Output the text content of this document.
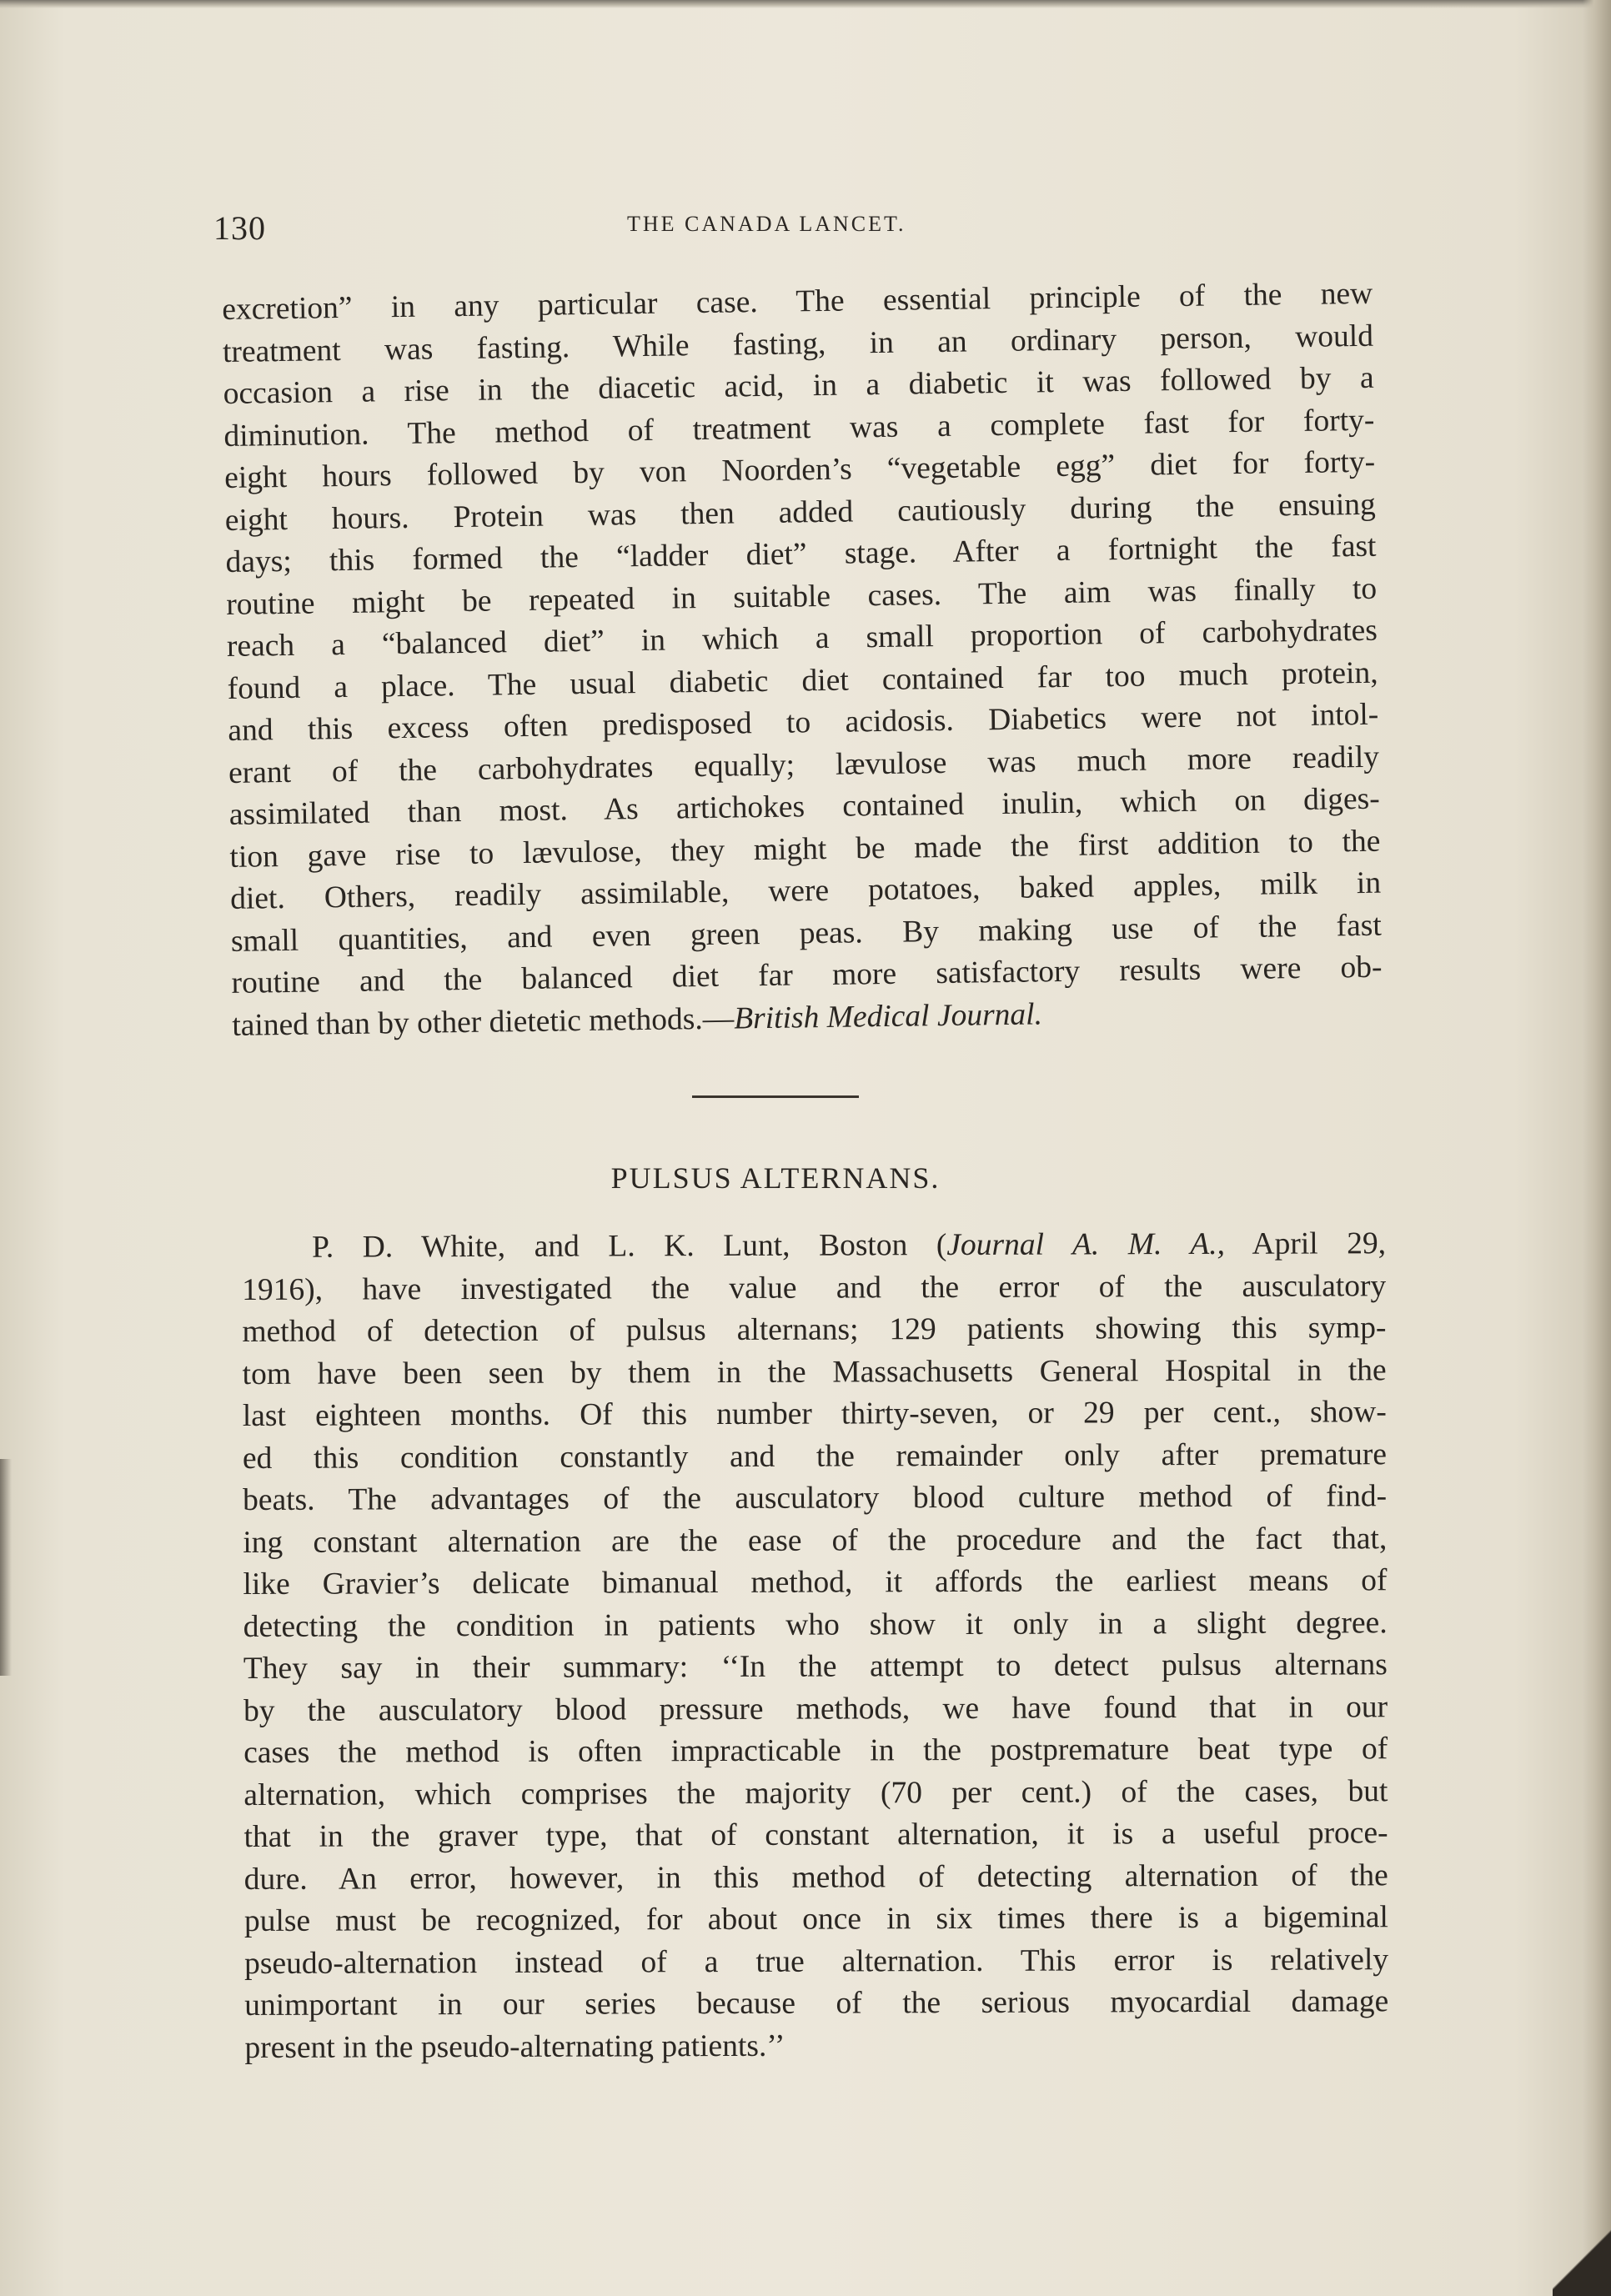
130	THE CANADA LANCET.
excretion” in any particular case. The essential principle of the new
treatment was fasting. While fasting, in an ordinary person, would
occasion a rise in the diacetic acid, in a diabetic it was followed by a
diminution. The method of treatment was a complete fast for forty-
eight hours followed by von Noorden’s “vegetable egg” diet for forty-
eight hours. Protein was then added cautiously during the ensuing
days; this formed the “ladder diet” stage. After a fortnight the fast
routine might be repeated in suitable cases. The aim was finally to
reach a “balanced diet” in which a small proportion of carbohydrates
found a place. The usual diabetic diet contained far too much protein,
and this excess often predisposed to acidosis. Diabetics were not intol-
erant of the carbohydrates equally; lævulose was much more readily
assimilated than most. As artichokes contained inulin, which on diges-
tion gave rise to lævulose, they might be made the first addition to the
diet. Others, readily assimilable, were potatoes, baked apples, milk in
small quantities, and even green peas. By making use of the fast
routine and the balanced diet far more satisfactory results were ob-
tained than by other dietetic methods.—British Medical Journal.
PULSUS ALTERNANS.
P. D. White, and L. K. Lunt, Boston (Journal A. M. A., April 29,
1916), have investigated the value and the error of the ausculatory
method of detection of pulsus alternans; 129 patients showing this symp-
tom have been seen by them in the Massachusetts General Hospital in the
last eighteen months. Of this number thirty-seven, or 29 per cent., show-
ed this condition constantly and the remainder only after premature
beats. The advantages of the ausculatory blood culture method of find-
ing constant alternation are the ease of the procedure and the fact that,
like Gravier’s delicate bimanual method, it affords the earliest means of
detecting the condition in patients who show it only in a slight degree.
They say in their summary: ‘‘In the attempt to detect pulsus alternans
by the ausculatory blood pressure methods, we have found that in our
cases the method is often impracticable in the postpremature beat type of
alternation, which comprises the majority (70 per cent.) of the cases, but
that in the graver type, that of constant alternation, it is a useful proce-
dure. An error, however, in this method of detecting alternation of the
pulse must be recognized, for about once in six times there is a bigeminal
pseudo-alternation instead of a true alternation. This error is relatively
unimportant in our series because of the serious myocardial damage
present in the pseudo-alternating patients.’’
